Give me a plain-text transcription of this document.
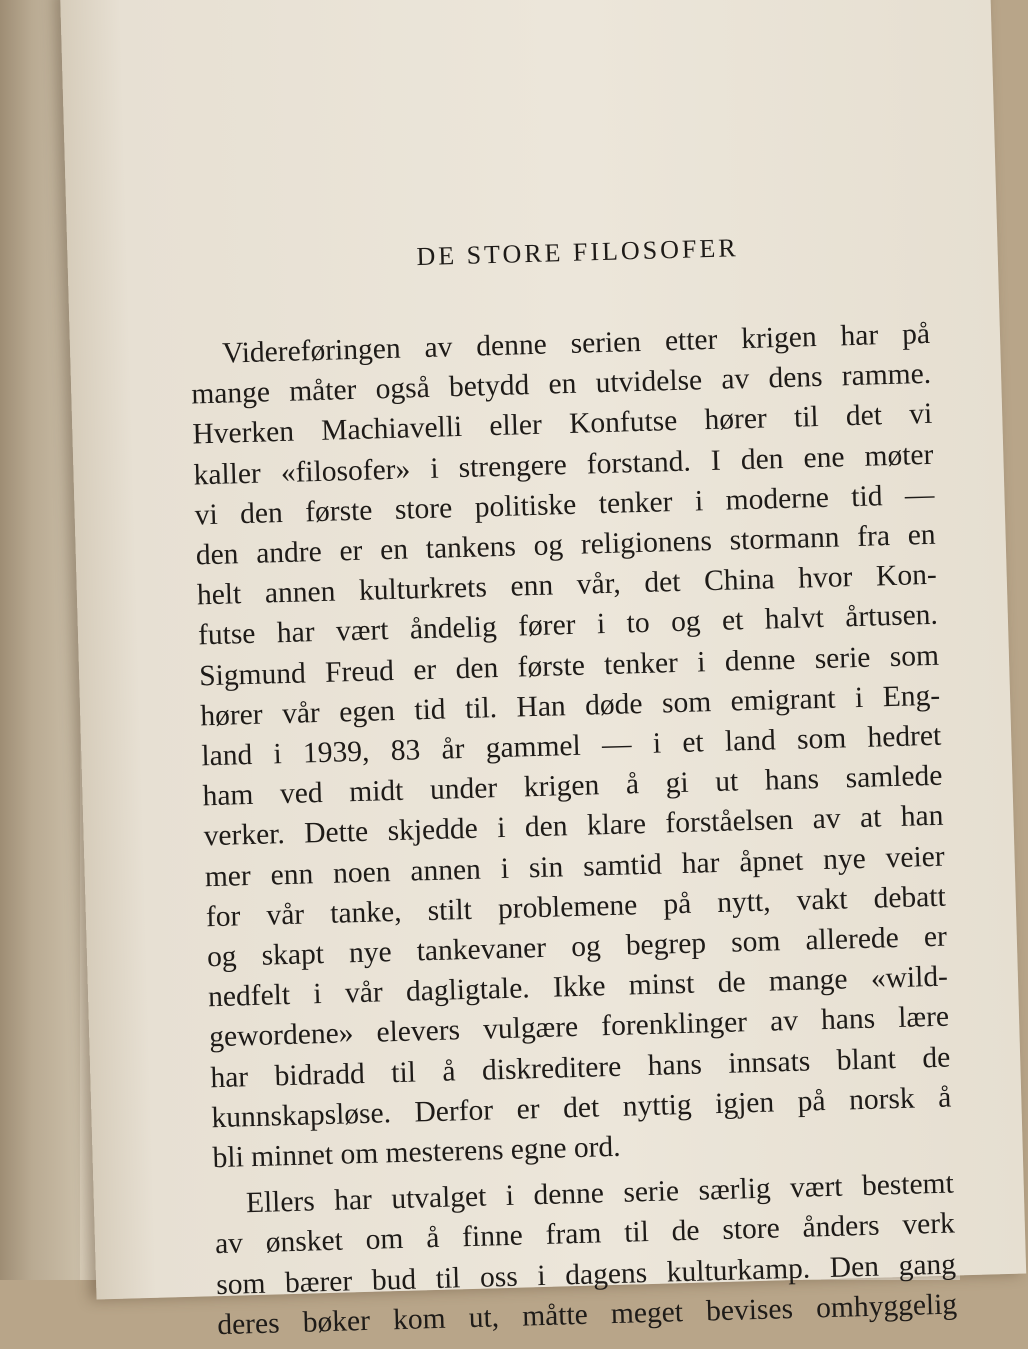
DE STORE FILOSOFER
Videreføringen av denne serien etter krigen har på
mange måter også betydd en utvidelse av dens ramme.
Hverken Machiavelli eller Konfutse hører til det vi
kaller «filosofer» i strengere forstand. I den ene møter
vi den første store politiske tenker i moderne tid —
den andre er en tankens og religionens stormann fra en
helt annen kulturkrets enn vår, det China hvor Kon-
futse har vært åndelig fører i to og et halvt årtusen.
Sigmund Freud er den første tenker i denne serie som
hører vår egen tid til. Han døde som emigrant i Eng-
land i 1939, 83 år gammel — i et land som hedret
ham ved midt under krigen å gi ut hans samlede
verker. Dette skjedde i den klare forståelsen av at han
mer enn noen annen i sin samtid har åpnet nye veier
for vår tanke, stilt problemene på nytt, vakt debatt
og skapt nye tankevaner og begrep som allerede er
nedfelt i vår dagligtale. Ikke minst de mange «wild-
gewordene» elevers vulgære forenklinger av hans lære
har bidradd til å diskreditere hans innsats blant de
kunnskapsløse. Derfor er det nyttig igjen på norsk å
bli minnet om mesterens egne ord.
Ellers har utvalget i denne serie særlig vært bestemt
av ønsket om å finne fram til de store ånders verk
som bærer bud til oss i dagens kulturkamp. Den gang
deres bøker kom ut, måtte meget bevises omhyggelig
